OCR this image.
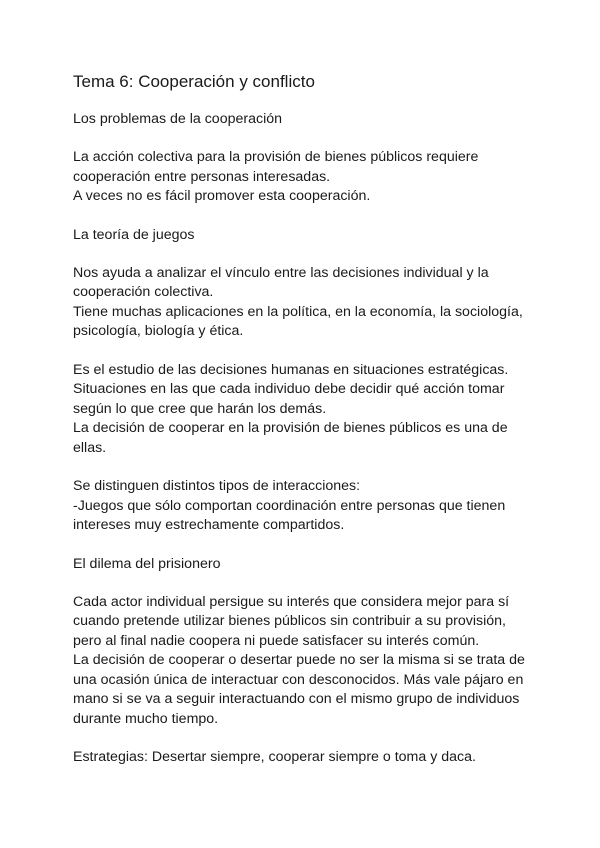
Tema 6: Cooperación y conflicto
Los problemas de la cooperación
La acción colectiva para la provisión de bienes públicos requiere
cooperación entre personas interesadas.
A veces no es fácil promover esta cooperación.
La teoría de juegos
Nos ayuda a analizar el vínculo entre las decisiones individual y la
cooperación colectiva.
Tiene muchas aplicaciones en la política, en la economía, la sociología,
psicología, biología y ética.
Es el estudio de las decisiones humanas en situaciones estratégicas.
Situaciones en las que cada individuo debe decidir qué acción tomar
según lo que cree que harán los demás.
La decisión de cooperar en la provisión de bienes públicos es una de
ellas.
Se distinguen distintos tipos de interacciones:
-Juegos que sólo comportan coordinación entre personas que tienen
intereses muy estrechamente compartidos.
El dilema del prisionero
Cada actor individual persigue su interés que considera mejor para sí
cuando pretende utilizar bienes públicos sin contribuir a su provisión,
pero al final nadie coopera ni puede satisfacer su interés común.
La decisión de cooperar o desertar puede no ser la misma si se trata de
una ocasión única de interactuar con desconocidos. Más vale pájaro en
mano si se va a seguir interactuando con el mismo grupo de individuos
durante mucho tiempo.
Estrategias: Desertar siempre, cooperar siempre o toma y daca.
